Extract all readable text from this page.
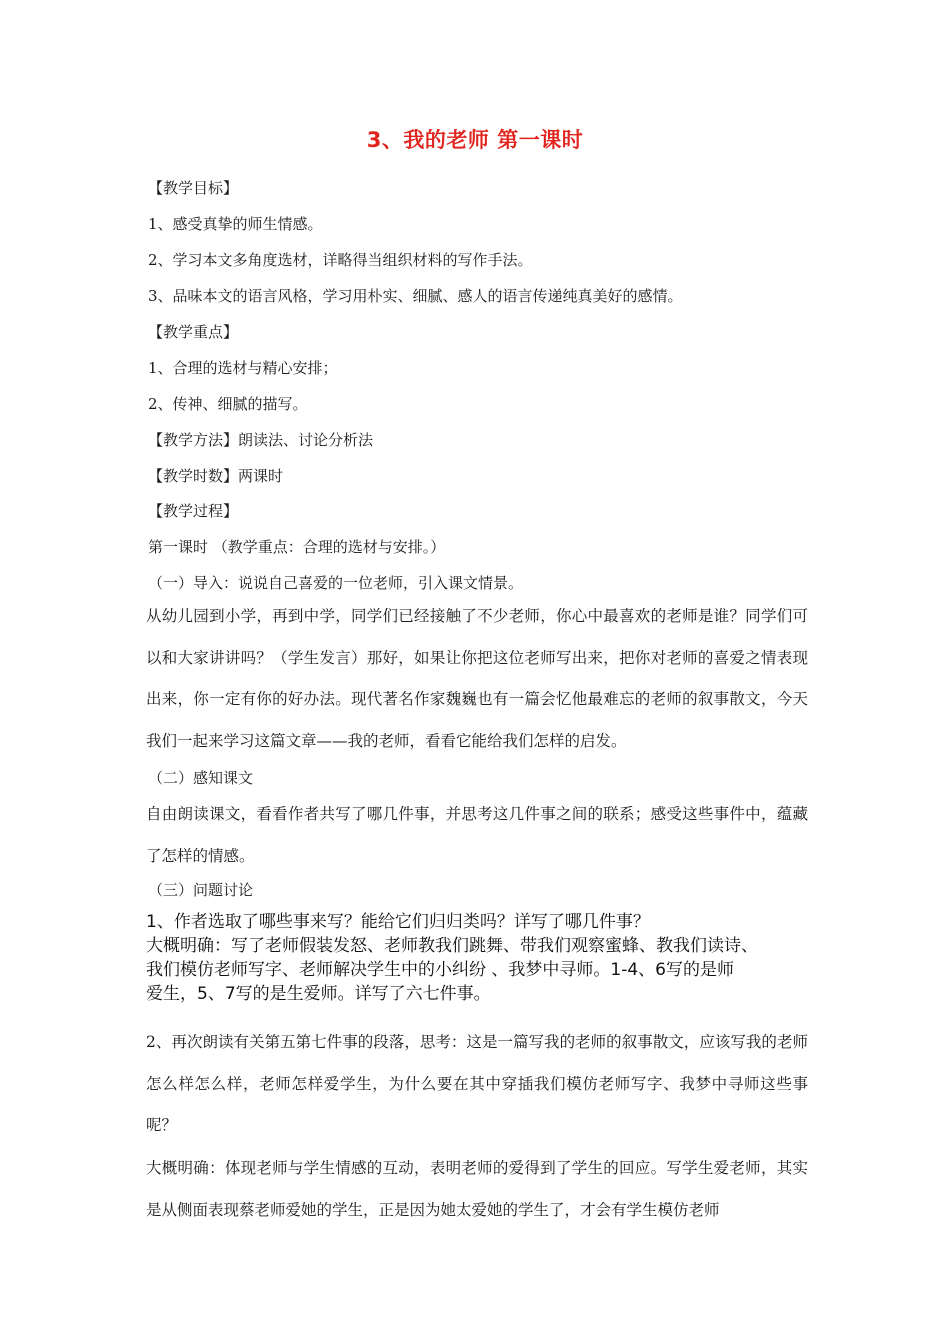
3、我的老师 第一课时
【教学目标】
1、感受真挚的师生情感。
2、学习本文多角度选材，详略得当组织材料的写作手法。
3、品味本文的语言风格，学习用朴实、细腻、感人的语言传递纯真美好的感情。
【教学重点】
1、合理的选材与精心安排；
2、传神、细腻的描写。
【教学方法】朗读法、讨论分析法
【教学时数】两课时
【教学过程】
第一课时 （教学重点：合理的选材与安排。）
（一）导入：说说自己喜爱的一位老师，引入课文情景。
从幼儿园到小学，再到中学，同学们已经接触了不少老师，你心中最喜欢的老师是谁？同学们可以和大家讲讲吗？（学生发言）那好，如果让你把这位老师写出来，把你对老师的喜爱之情表现出来，你一定有你的好办法。现代著名作家魏巍也有一篇会忆他最难忘的老师的叙事散文，今天我们一起来学习这篇文章——我的老师，看看它能给我们怎样的启发。
（二）感知课文
自由朗读课文，看看作者共写了哪几件事，并思考这几件事之间的联系；感受这些事件中，蕴藏了怎样的情感。
（三）问题讨论
1、作者选取了哪些事来写？能给它们归归类吗？详写了哪几件事？
大概明确：写了老师假装发怒、老师教我们跳舞、带我们观察蜜蜂、教我们读诗、
我们模仿老师写字、老师解决学生中的小纠纷 、我梦中寻师。1-4、6写的是师
爱生，5、7写的是生爱师。详写了六七件事。
2、再次朗读有关第五第七件事的段落，思考：这是一篇写我的老师的叙事散文，应该写我的老师怎么样怎么样，老师怎样爱学生，为什么要在其中穿插我们模仿老师写字、我梦中寻师这些事呢？
大概明确：体现老师与学生情感的互动，表明老师的爱得到了学生的回应。写学生爱老师，其实是从侧面表现蔡老师爱她的学生，正是因为她太爱她的学生了，才会有学生模仿老师
